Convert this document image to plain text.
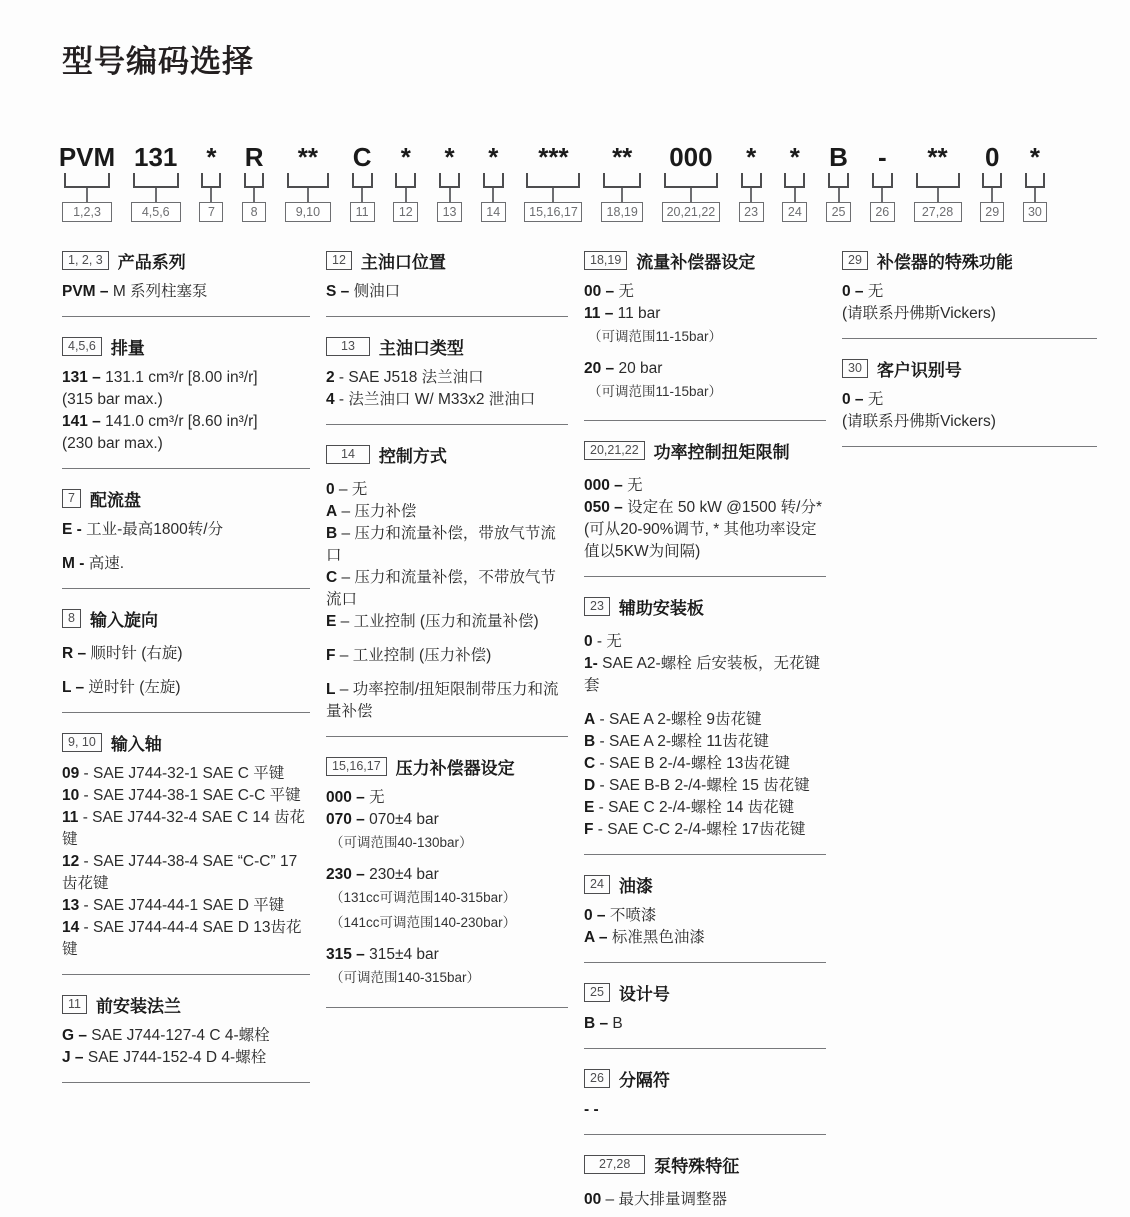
型号编码选择
PVM
1,2,3
131
4,5,6
*
7
R
8
**
9,10
C
11
*
12
*
13
*
14
***
15,16,17
**
18,19
000
20,21,22
*
23
*
24
B
25
-
26
**
27,28
0
29
*
30
1, 2, 3 产品系列

PVM – M 系列柱塞泵

4,5,6 排量

131 – 131.1 cm³/r [8.00 in³/r]

(315 bar max.)

141 – 141.0 cm³/r [8.60 in³/r]

(230 bar max.)

7 配流盘

E - 工业-最高1800转/分

M - 高速.

8 输入旋向

R – 顺时针 (右旋)

L – 逆时针 (左旋)

9, 10 输入轴

09 - SAE J744-32-1 SAE C 平键

10 - SAE J744-38-1 SAE C-C 平键

11 - SAE J744-32-4 SAE C 14 齿花键

12 - SAE J744-38-4 SAE “C-C” 17齿花键

13 - SAE J744-44-1 SAE D 平键

14 - SAE J744-44-4 SAE D 13齿花键

11 前安装法兰

G – SAE J744-127-4 C 4-螺栓

J – SAE J744-152-4 D 4-螺栓

12 主油口位置

S – 侧油口

13	主油口类型

2 - SAE J518 法兰油口

4 - 法兰油口 W/ M33x2 泄油口

14	控制方式

0 – 无

A – 压力补偿

B – 压力和流量补偿，带放气节流口

C – 压力和流量补偿，不带放气节流口

E – 工业控制 (压力和流量补偿)

F – 工业控制 (压力补偿)

L – 功率控制/扭矩限制带压力和流量补偿

15,16,17 压力补偿器设定

000 – 无

070 – 070±4 bar

（可调范围40-130bar）

230 – 230±4 bar

（131cc可调范围140-315bar）

（141cc可调范围140-230bar）

315 – 315±4 bar

（可调范围140-315bar）

18,19 流量补偿器设定

00 – 无

11 – 11 bar

（可调范围11-15bar）

20 – 20 bar

（可调范围11-15bar）

20,21,22 功率控制扭矩限制

000 – 无

050 – 设定在 50 kW @1500 转/分*

(可从20-90%调节, * 其他功率设定值以5KW为间隔)

23 辅助安装板

0 - 无

1- SAE A2-螺栓 后安装板，无花键套

A - SAE A 2-螺栓 9齿花键

B - SAE A 2-螺栓 11齿花键

C - SAE B 2-/4-螺栓 13齿花键

D - SAE B-B 2-/4-螺栓 15 齿花键

E - SAE C 2-/4-螺栓 14 齿花键

F - SAE C-C 2-/4-螺栓 17齿花键

24 油漆

0 – 不喷漆

A – 标准黑色油漆

25 设计号

B – B

26 分隔符

- -

27,28	泵特殊特征

00 – 最大排量调整器

29 补偿器的特殊功能

0 – 无

(请联系丹佛斯Vickers)

30 客户识别号

0 – 无

(请联系丹佛斯Vickers)
